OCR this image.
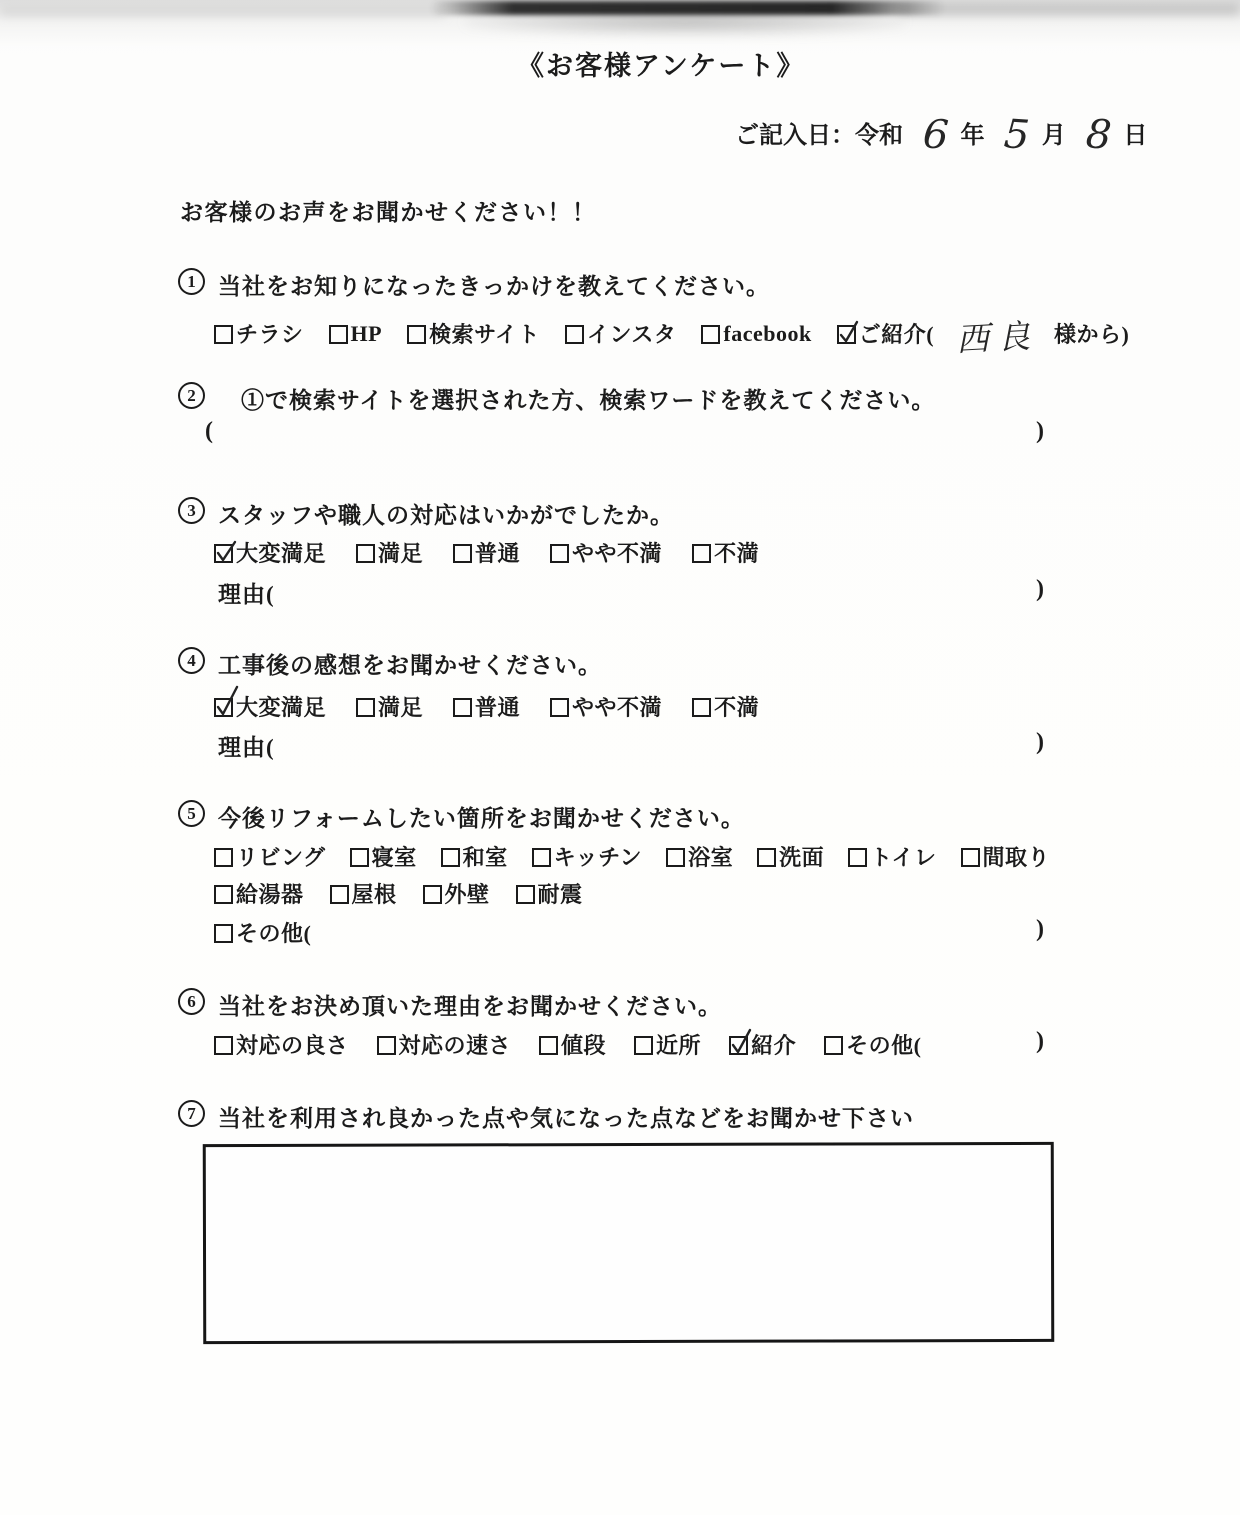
《お客様アンケート》
ご記入日：令和 6 年 5 月 8 日
お客様のお声をお聞かせください！！
1 当社をお知りになったきっかけを教えてください。
チラシ HP 検索サイト インスタ facebook ご紹介( 西良 様から)
2	①で検索サイトを選択された方、検索ワードを教えてください。
(	)
3 スタッフや職人の対応はいかがでしたか。
大変満足 満足 普通 やや不満 不満
理由(	)
4 工事後の感想をお聞かせください。
大変満足 満足 普通 やや不満 不満
理由(	)
5 今後リフォームしたい箇所をお聞かせください。
リビング 寝室 和室 キッチン 浴室 洗面 トイレ 間取り
給湯器 屋根 外壁 耐震
その他(	)
6 当社をお決め頂いた理由をお聞かせください。
対応の良さ 対応の速さ 値段 近所 紹介 その他(	)
7 当社を利用され良かった点や気になった点などをお聞かせ下さい
